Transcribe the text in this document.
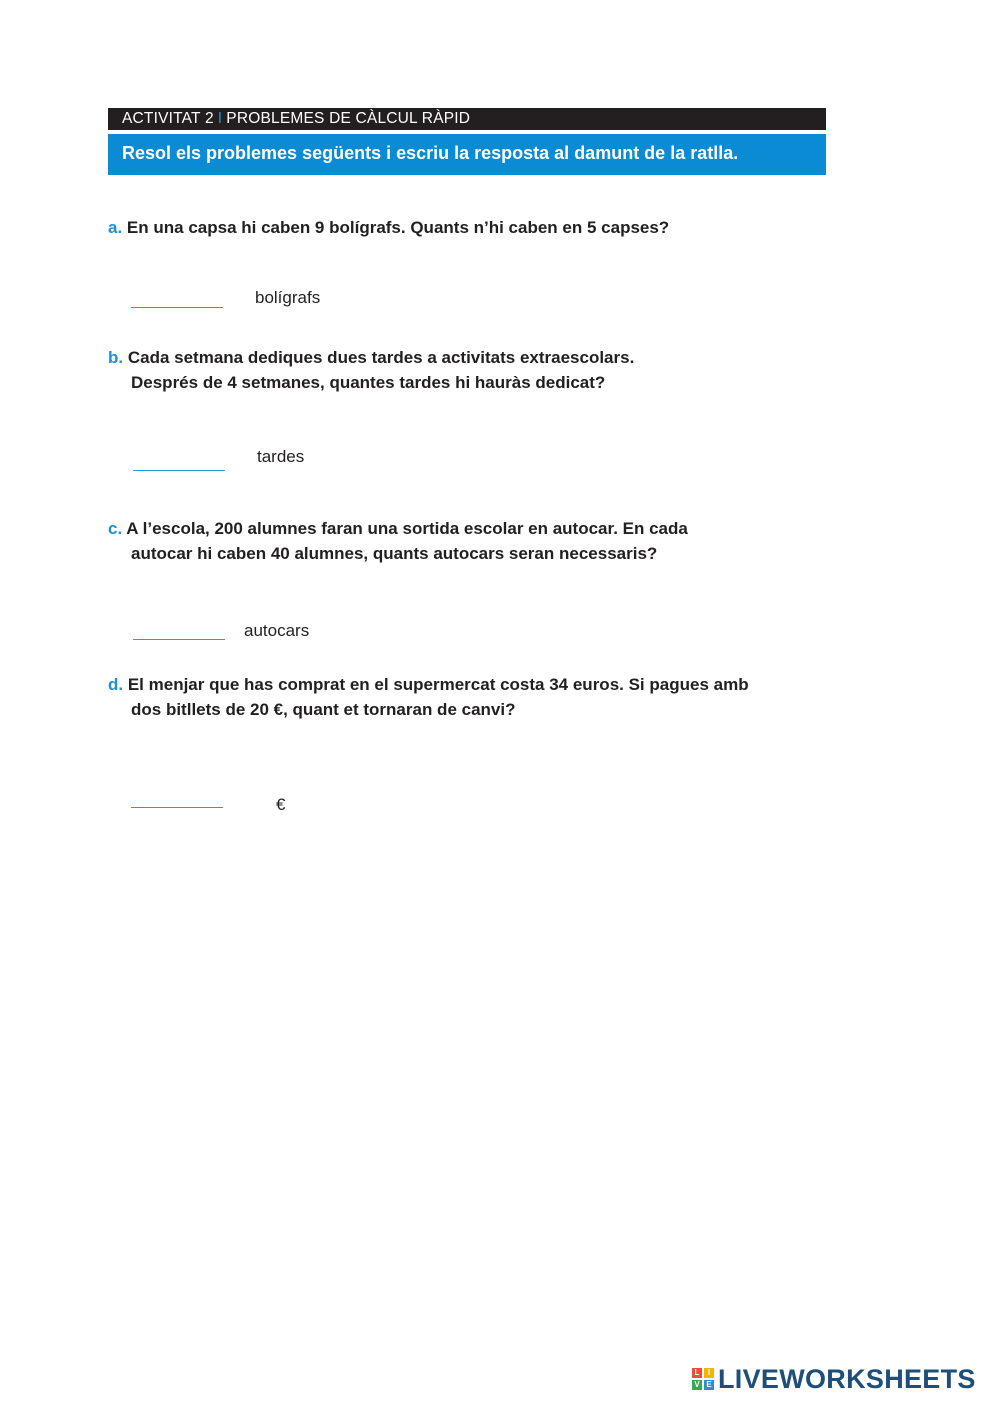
ACTIVITAT 2 I PROBLEMES DE CÀLCUL RÀPID
Resol els problemes següents i escriu la resposta al damunt de la ratlla.
a. En una capsa hi caben 9 bolígrafs. Quants n’hi caben en 5 capses?
bolígrafs
b. Cada setmana dediques dues tardes a activitats extraescolars.
Després de 4 setmanes, quantes tardes hi hauràs dedicat?
tardes
c. A l’escola, 200 alumnes faran una sortida escolar en autocar. En cada
autocar hi caben 40 alumnes, quants autocars seran necessaris?
autocars
d. El menjar que has comprat en el supermercat costa 34 euros. Si pagues amb
dos bitllets de 20 €, quant et tornaran de canvi?
€
L	I
V E LIVEWORKSHEETS
